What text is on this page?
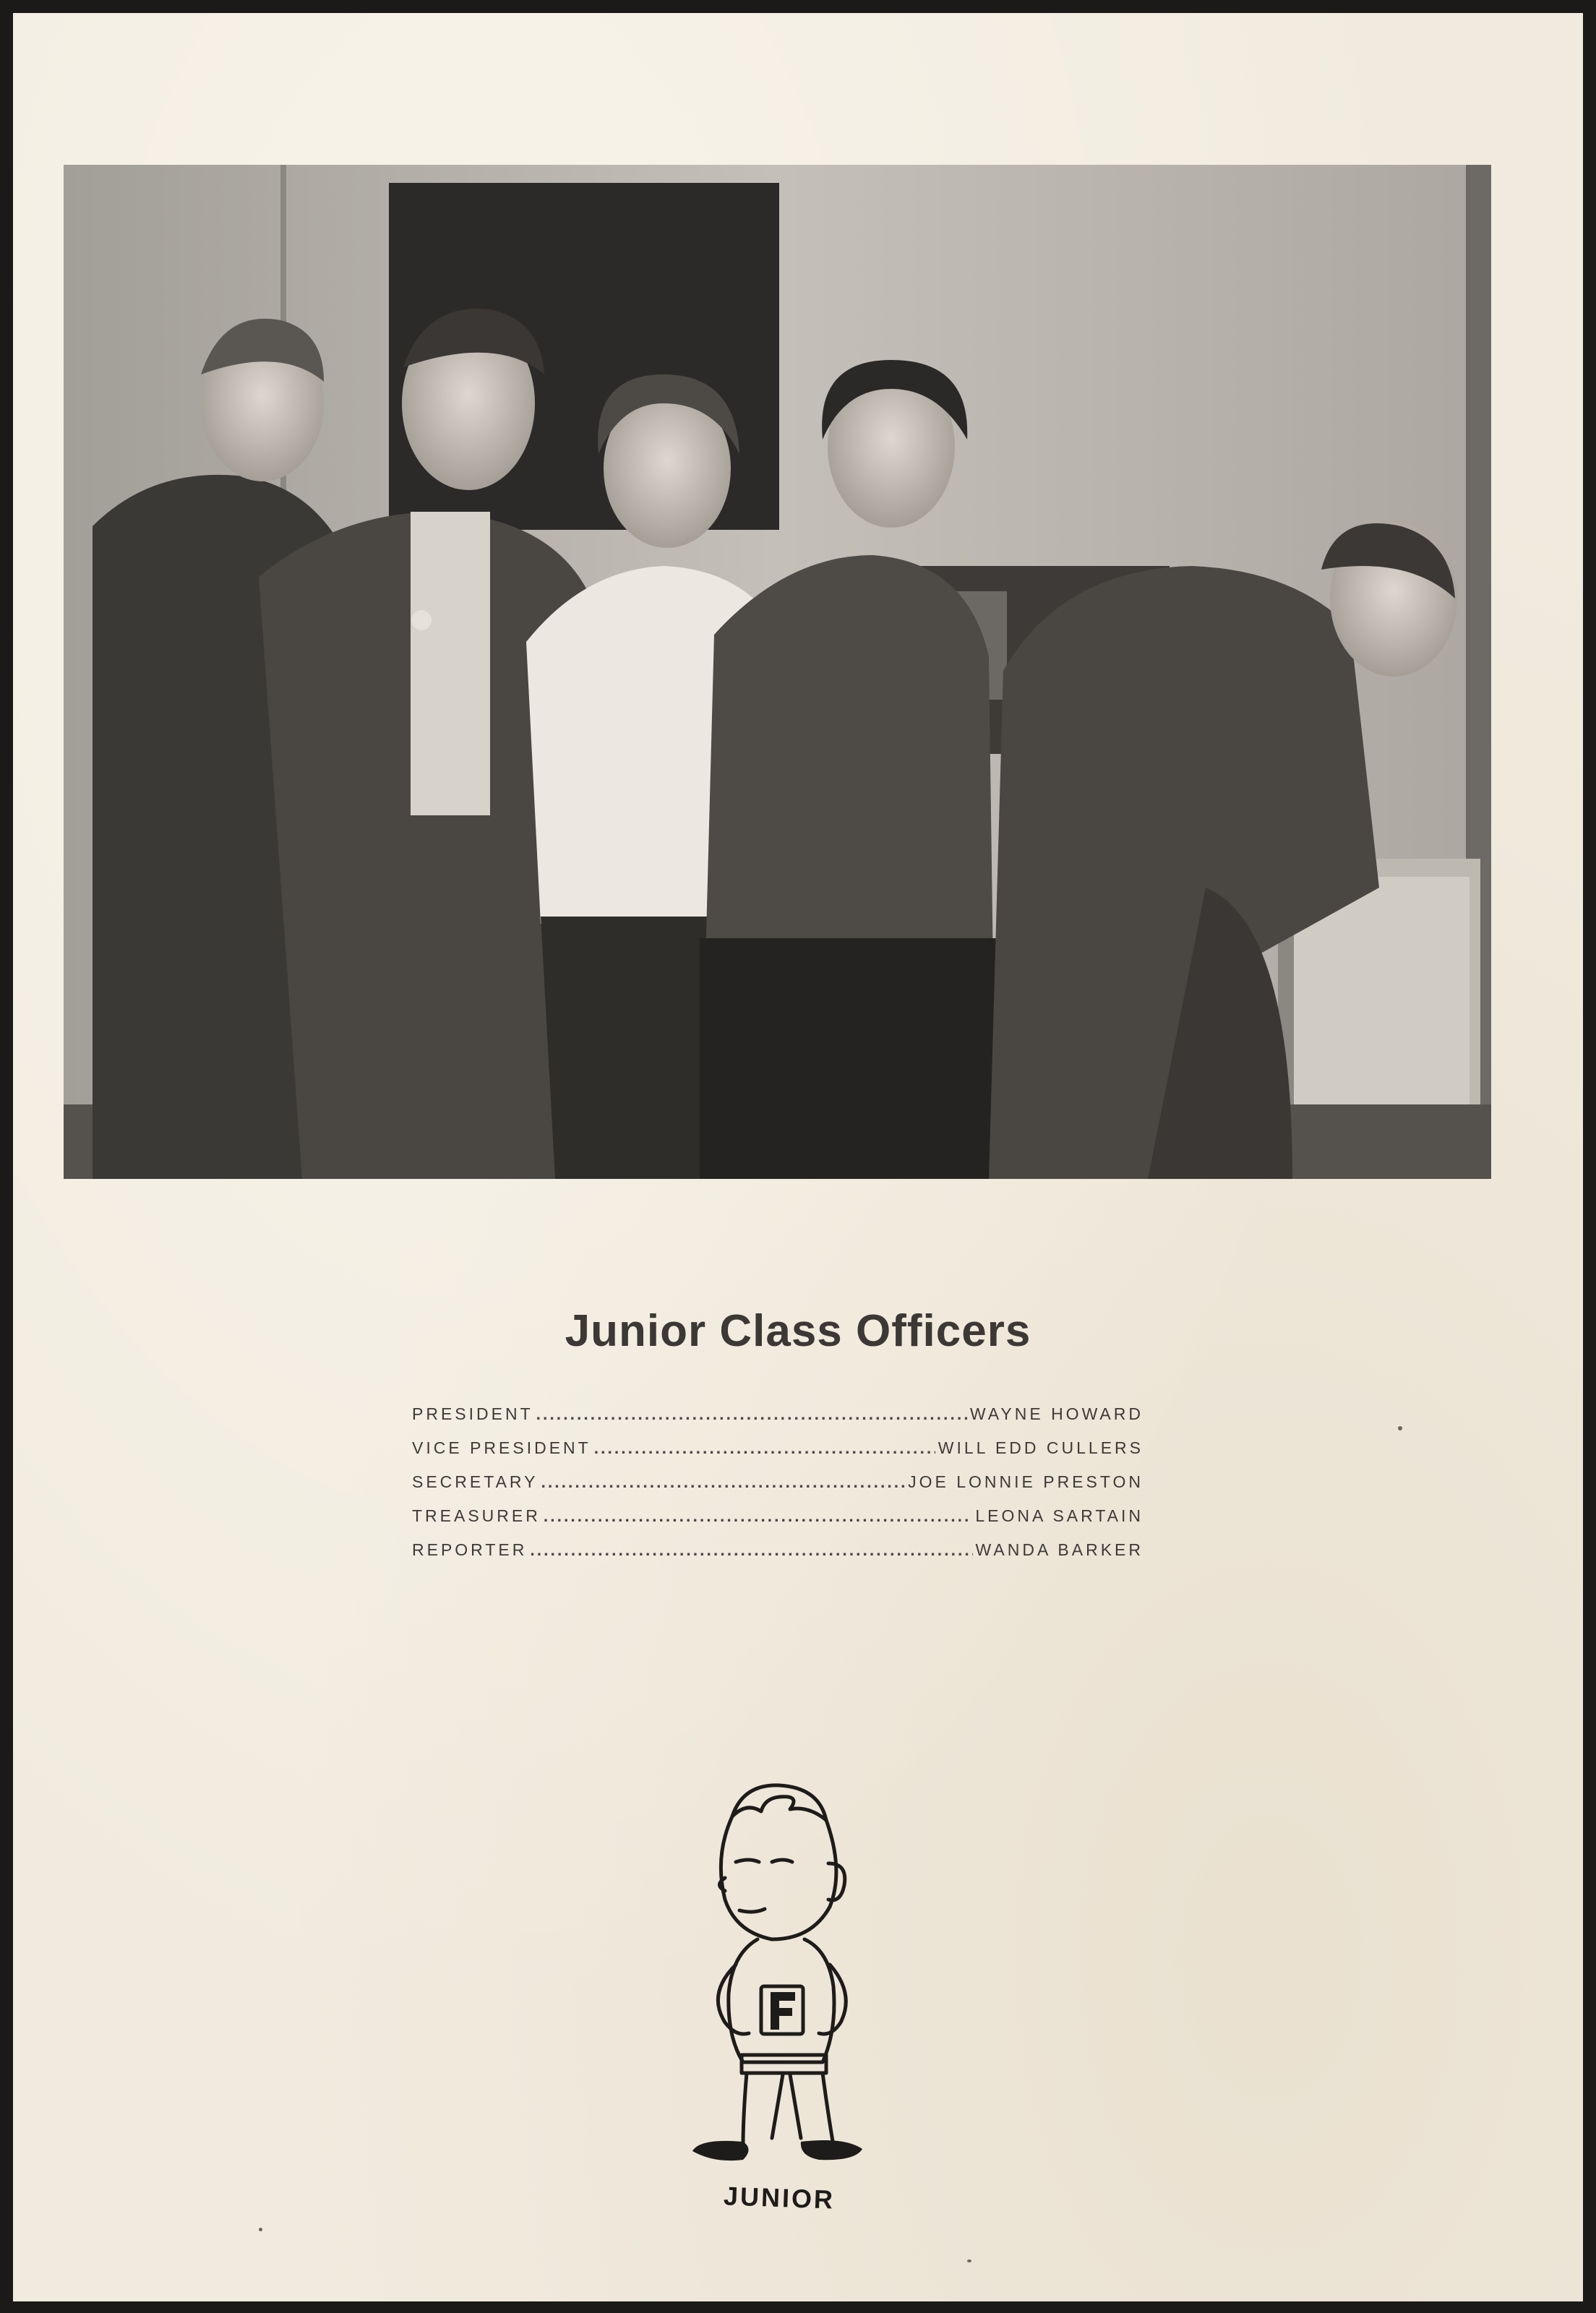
Junior Class Officers
PRESIDENT .....	WAYNE HOWARD
VICE PRESIDENT .....	WILL EDD CULLERS
SECRETARY .....	JOE LONNIE PRESTON
TREASURER .....	LEONA SARTAIN
REPORTER .....	WANDA BARKER
JUNIOR
